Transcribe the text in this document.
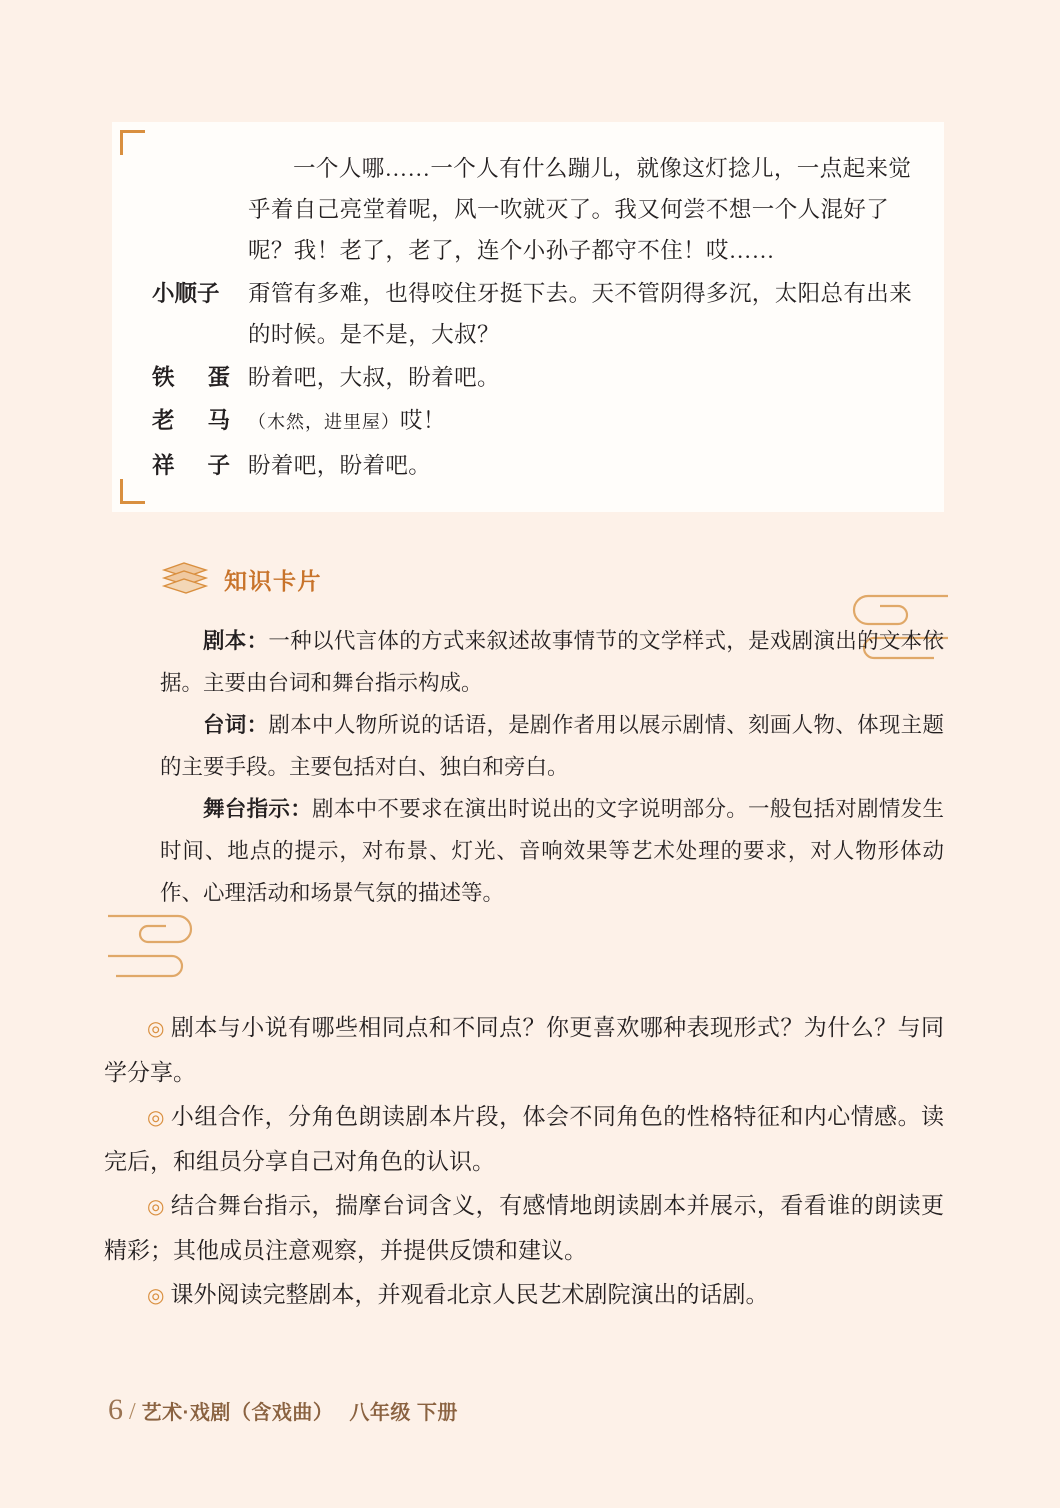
一个人哪……一个人有什么蹦儿，就像这灯捻儿，一点起来觉乎着自己亮堂着呢，风一吹就灭了。我又何尝不想一个人混好了呢？我！老了，老了，连个小孙子都守不住！哎……
小顺子	甭管有多难，也得咬住牙挺下去。天不管阴得多沉，太阳总有出来的时候。是不是，大叔？
铁 蛋 盼着吧，大叔，盼着吧。
老 马 （木然，进里屋）哎！
祥 子 盼着吧，盼着吧。
知识卡片

剧本：一种以代言体的方式来叙述故事情节的文学样式，是戏剧演出的文本依据。主要由台词和舞台指示构成。

台词：剧本中人物所说的话语，是剧作者用以展示剧情、刻画人物、体现主题的主要手段。主要包括对白、独白和旁白。

舞台指示：剧本中不要求在演出时说出的文字说明部分。一般包括对剧情发生时间、地点的提示，对布景、灯光、音响效果等艺术处理的要求，对人物形体动作、心理活动和场景气氛的描述等。

◎ 剧本与小说有哪些相同点和不同点？你更喜欢哪种表现形式？为什么？与同学分享。

◎ 小组合作，分角色朗读剧本片段，体会不同角色的性格特征和内心情感。读完后，和组员分享自己对角色的认识。

◎ 结合舞台指示，揣摩台词含义，有感情地朗读剧本并展示，看看谁的朗读更精彩；其他成员注意观察，并提供反馈和建议。

◎ 课外阅读完整剧本，并观看北京人民艺术剧院演出的话剧。

6 / 艺术·戏剧（含戏曲） 八年级 下册
